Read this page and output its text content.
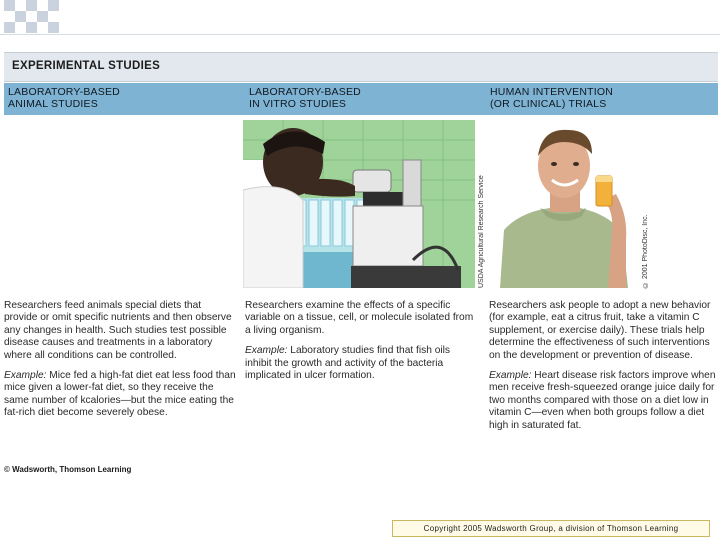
EXPERIMENTAL STUDIES
LABORATORY-BASED
ANIMAL STUDIES
LABORATORY-BASED
IN VITRO STUDIES
HUMAN INTERVENTION
(OR CLINICAL) TRIALS
USDA Agricultural Research Service	© 2001 PhotoDisc, Inc.

Researchers feed animals special diets that provide or omit specific nutrients and then observe any changes in health. Such studies test possible disease causes and treatments in a laboratory where all conditions can be controlled.

Example: Mice fed a high-fat diet eat less food than mice given a lower-fat diet, so they receive the same number of kcalories—but the mice eating the fat-rich diet become severely obese.

Researchers examine the effects of a specific variable on a tissue, cell, or molecule isolated from a living organism.

Example: Laboratory studies find that fish oils inhibit the growth and activity of the bacteria implicated in ulcer formation.

Researchers ask people to adopt a new behavior (for example, eat a citrus fruit, take a vitamin C supplement, or exercise daily). These trials help determine the effectiveness of such interventions on the development or prevention of disease.

Example: Heart disease risk factors improve when men receive fresh-squeezed orange juice daily for two months compared with those on a diet low in vitamin C—even when both groups follow a diet high in saturated fat.

© Wadsworth, Thomson Learning
Copyright 2005 Wadsworth Group, a division of Thomson Learning
